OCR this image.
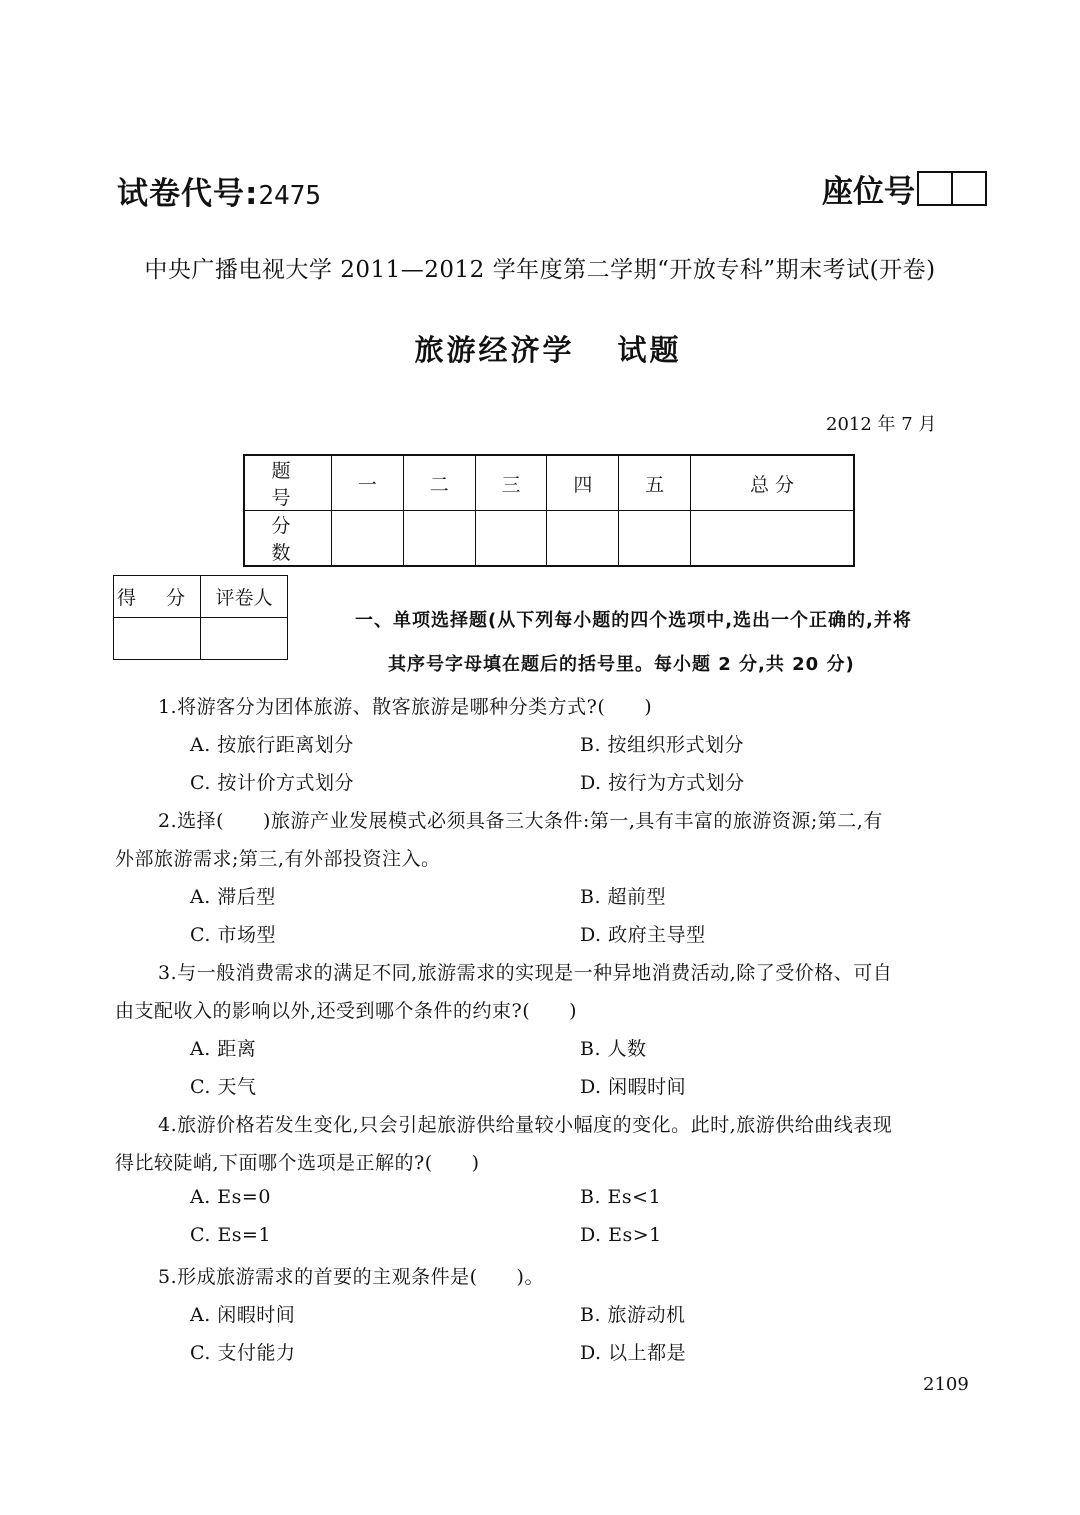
试卷代号:2475	座位号
中央广播电视大学 2011—2012 学年度第二学期“开放专科”期末考试(开卷)
旅游经济学 试题
2012 年 7 月
题 号	一	二	三	四	五	总 分
分 数						
得 分	评卷人

一、单项选择题(从下列每小题的四个选项中,选出一个正确的,并将
其序号字母填在题后的括号里。每小题 2 分,共 20 分)
1.将游客分为团体旅游、散客旅游是哪种分类方式?(　　)
A. 按旅行距离划分	B. 按组织形式划分
C. 按计价方式划分	D. 按行为方式划分
2.选择(　　)旅游产业发展模式必须具备三大条件:第一,具有丰富的旅游资源;第二,有
外部旅游需求;第三,有外部投资注入。
A. 滞后型	B. 超前型
C. 市场型	D. 政府主导型
3.与一般消费需求的满足不同,旅游需求的实现是一种异地消费活动,除了受价格、可自
由支配收入的影响以外,还受到哪个条件的约束?(　　)
A. 距离	B. 人数
C. 天气	D. 闲暇时间
4.旅游价格若发生变化,只会引起旅游供给量较小幅度的变化。此时,旅游供给曲线表现
得比较陡峭,下面哪个选项是正解的?(　　)
A. Es=0	B. Es<1
C. Es=1	D. Es>1
5.形成旅游需求的首要的主观条件是(　　)。
A. 闲暇时间	B. 旅游动机
C. 支付能力	D. 以上都是
2109
